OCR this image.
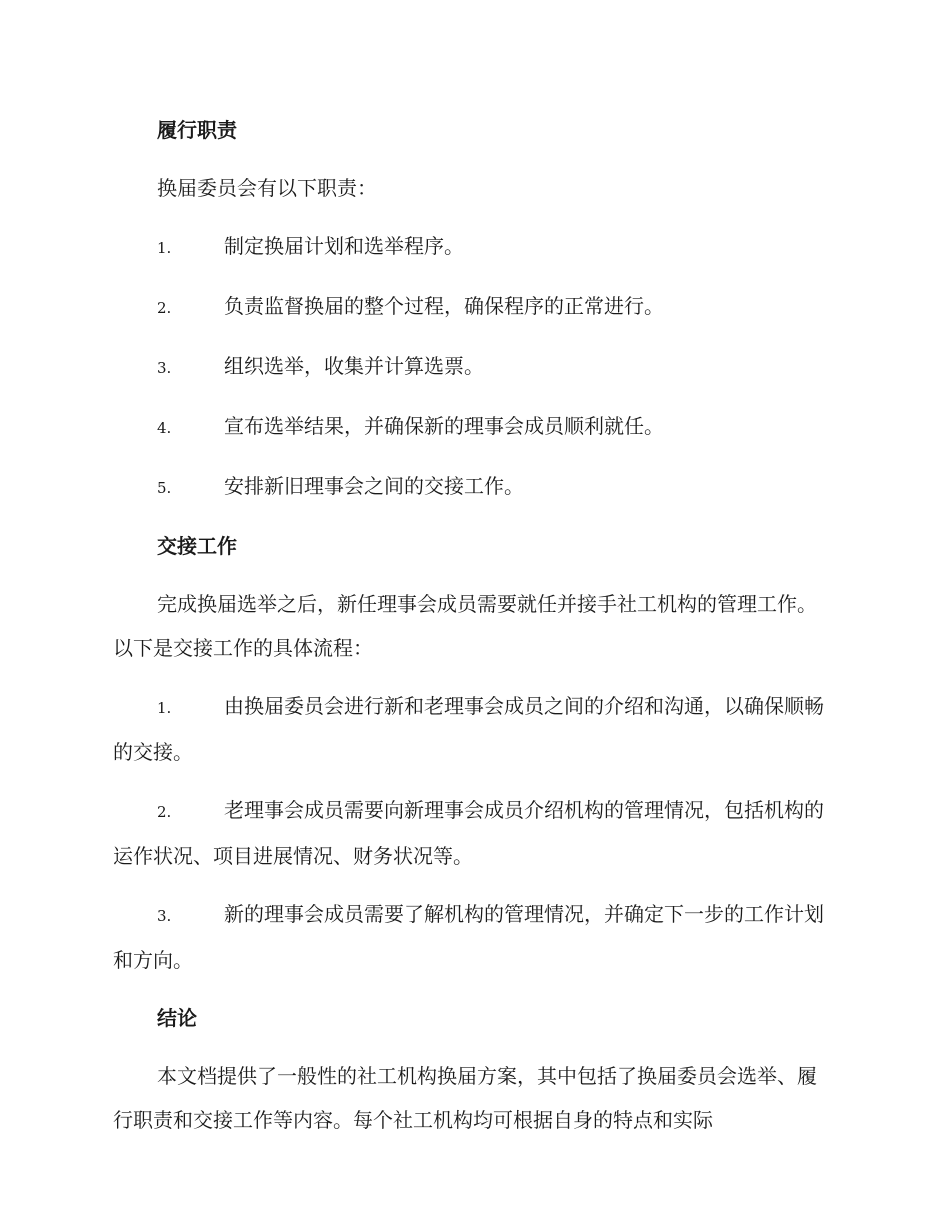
履行职责
换届委员会有以下职责：
1.	制定换届计划和选举程序。
2.	负责监督换届的整个过程，确保程序的正常进行。
3.	组织选举，收集并计算选票。
4.	宣布选举结果，并确保新的理事会成员顺利就任。
5.	安排新旧理事会之间的交接工作。
交接工作
完成换届选举之后，新任理事会成员需要就任并接手社工机构的管理工作。以下是交接工作的具体流程：
1.	由换届委员会进行新和老理事会成员之间的介绍和沟通，以确保顺畅的交接。
2.	老理事会成员需要向新理事会成员介绍机构的管理情况，包括机构的运作状况、项目进展情况、财务状况等。
3.	新的理事会成员需要了解机构的管理情况，并确定下一步的工作计划和方向。
结论
本文档提供了一般性的社工机构换届方案，其中包括了换届委员会选举、履行职责和交接工作等内容。每个社工机构均可根据自身的特点和实际
